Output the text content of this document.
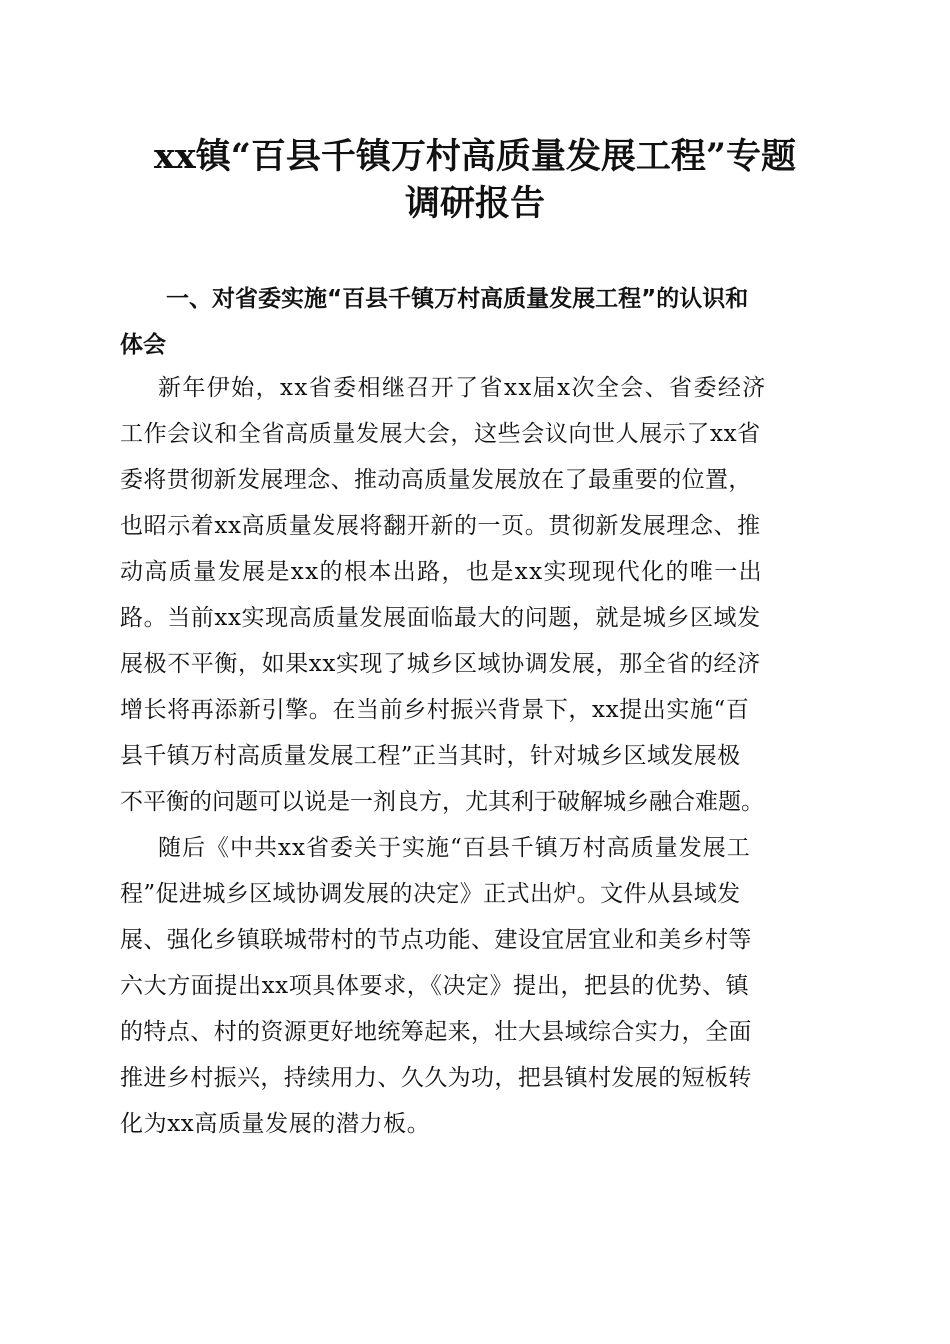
xx镇“百县千镇万村高质量发展工程”专题
调研报告
一、对省委实施“百县千镇万村高质量发展工程”的认识和
体会
新年伊始，xx省委相继召开了省xx届x次全会、省委经济
工作会议和全省高质量发展大会，这些会议向世人展示了xx省
委将贯彻新发展理念、推动高质量发展放在了最重要的位置，
也昭示着xx高质量发展将翻开新的一页。贯彻新发展理念、推
动高质量发展是xx的根本出路，也是xx实现现代化的唯一出
路。当前xx实现高质量发展面临最大的问题，就是城乡区域发
展极不平衡，如果xx实现了城乡区域协调发展，那全省的经济
增长将再添新引擎。在当前乡村振兴背景下，xx提出实施“百
县千镇万村高质量发展工程”正当其时，针对城乡区域发展极
不平衡的问题可以说是一剂良方，尤其利于破解城乡融合难题。
随后《中共xx省委关于实施“百县千镇万村高质量发展工
程”促进城乡区域协调发展的决定》正式出炉。文件从县域发
展、强化乡镇联城带村的节点功能、建设宜居宜业和美乡村等
六大方面提出xx项具体要求，《决定》提出，把县的优势、镇
的特点、村的资源更好地统筹起来，壮大县域综合实力，全面
推进乡村振兴，持续用力、久久为功，把县镇村发展的短板转
化为xx高质量发展的潜力板。
